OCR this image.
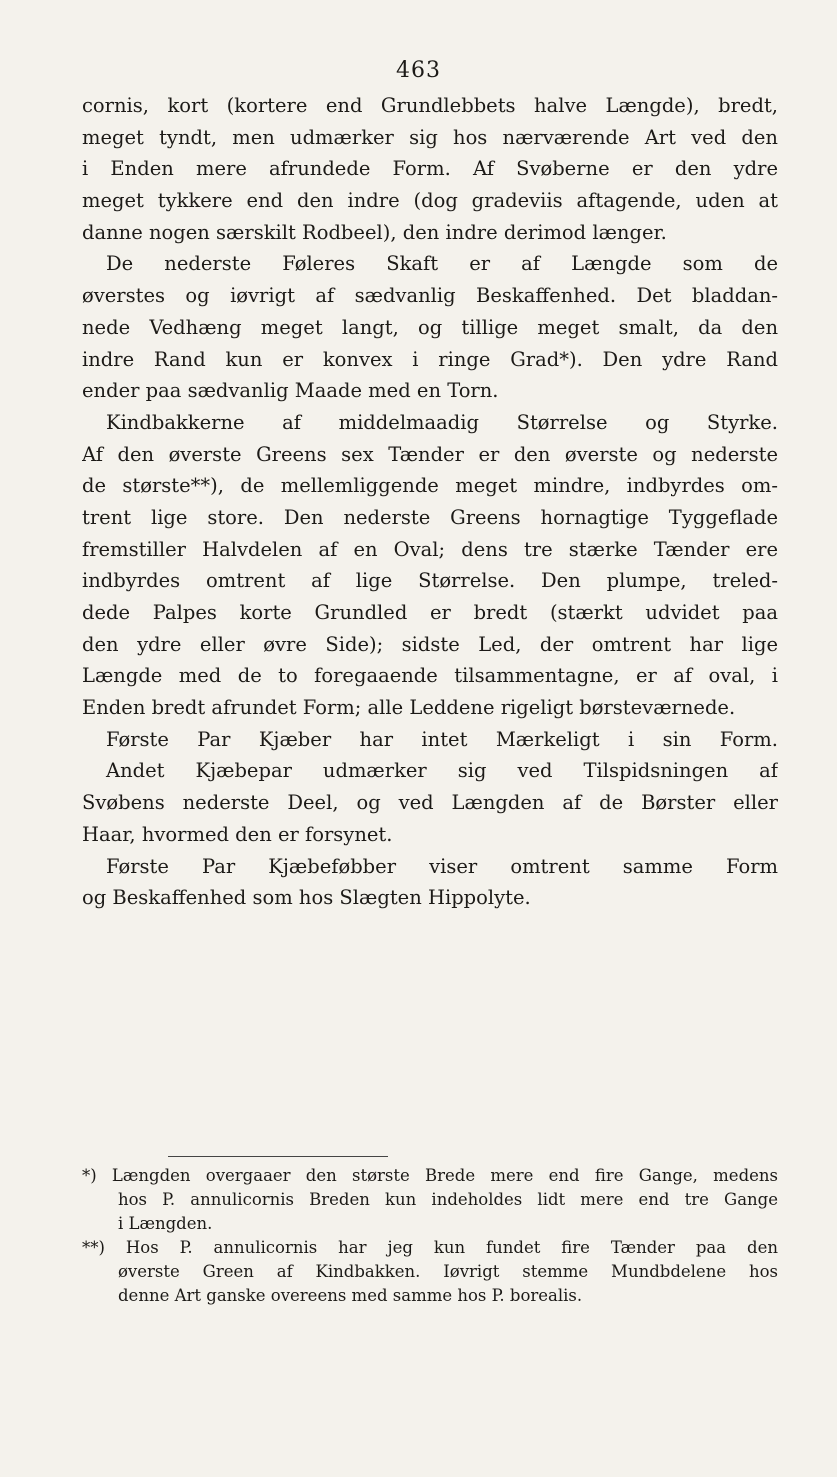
463
cornis, kort (kortere end Grundlebbets halve Længde), bredt,
meget tyndt, men udmærker sig hos nærværende Art ved den
i Enden mere afrundede Form. Af Svøberne er den ydre
meget tykkere end den indre (dog gradeviis aftagende, uden at
danne nogen særskilt Rodbeel), den indre derimod længer.
De nederste Føleres Skaft er af Længde som de
øverstes og iøvrigt af sædvanlig Beskaffenhed. Det bladdan-
nede Vedhæng meget langt, og tillige meget smalt, da den
indre Rand kun er konvex i ringe Grad*). Den ydre Rand
ender paa sædvanlig Maade med en Torn.
Kindbakkerne af middelmaadig Størrelse og Styrke.
Af den øverste Greens sex Tænder er den øverste og nederste
de største**), de mellemliggende meget mindre, indbyrdes om-
trent lige store. Den nederste Greens hornagtige Tyggeflade
fremstiller Halvdelen af en Oval; dens tre stærke Tænder ere
indbyrdes omtrent af lige Størrelse. Den plumpe, treled-
dede Palpes korte Grundled er bredt (stærkt udvidet paa
den ydre eller øvre Side); sidste Led, der omtrent har lige
Længde med de to foregaaende tilsammentagne, er af oval, i
Enden bredt afrundet Form; alle Leddene rigeligt børsteværnede.
Første Par Kjæber har intet Mærkeligt i sin Form.
Andet Kjæbepar udmærker sig ved Tilspidsningen af
Svøbens nederste Deel, og ved Længden af de Børster eller
Haar, hvormed den er forsynet.
Første Par Kjæbeføbber viser omtrent samme Form
og Beskaffenhed som hos Slægten Hippolyte.
*) Længden overgaaer den største Brede mere end fire Gange, medens
hos P. annulicornis Breden kun indeholdes lidt mere end tre Gange
i Længden.
**) Hos P. annulicornis har jeg kun fundet fire Tænder paa den
øverste Green af Kindbakken. Iøvrigt stemme Mundbdelene hos
denne Art ganske overeens med samme hos P. borealis.
